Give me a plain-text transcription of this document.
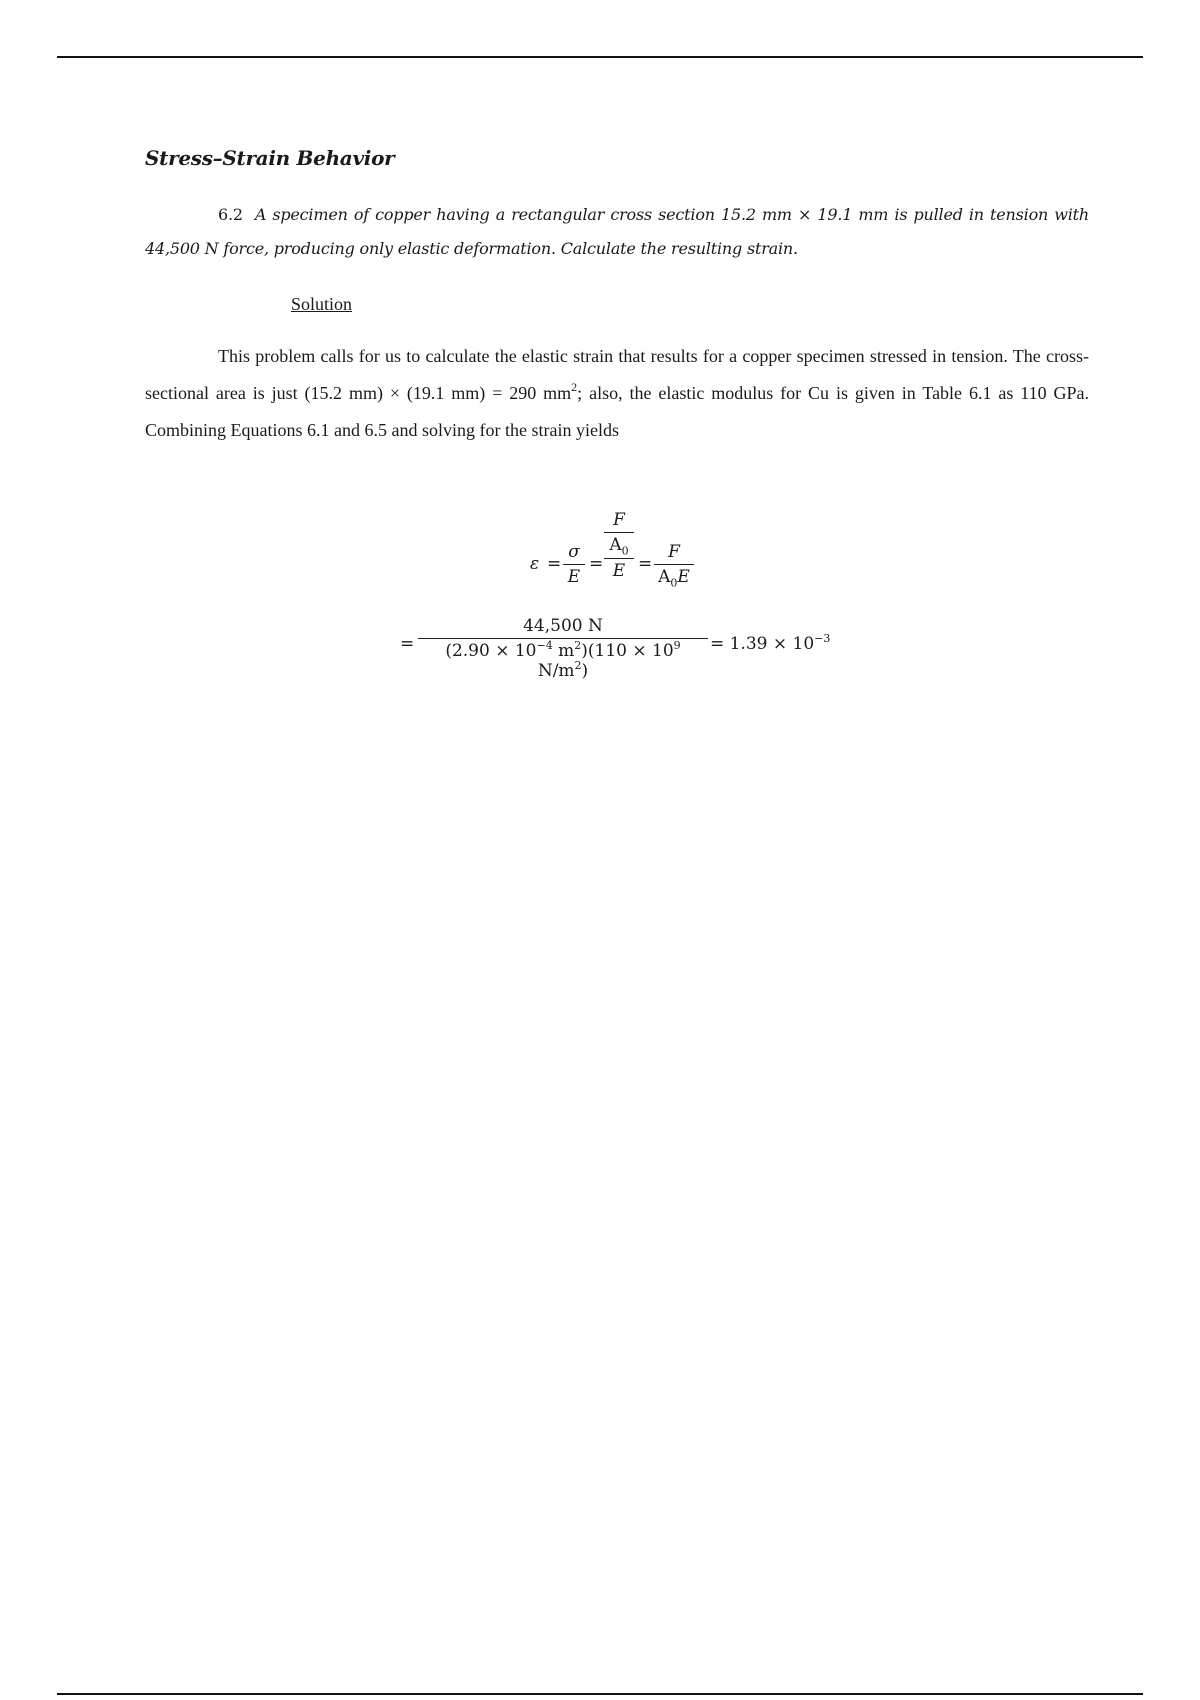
Stress–Strain Behavior

6.2 A specimen of copper having a rectangular cross section 15.2 mm × 19.1 mm is pulled in tension with 44,500 N force, producing only elastic deformation. Calculate the resulting strain.

Solution

This problem calls for us to calculate the elastic strain that results for a copper specimen stressed in tension. The cross-sectional area is just (15.2 mm) × (19.1 mm) = 290 $mm^2$; also, the elastic modulus for Cu is given in Table 6.1 as 110 GPa. Combining Equations 6.1 and 6.5 and solving for the strain yields

ε =
σ
E
=
F
$A_0$
E =
F
$A_0E$
=
44,500 N
($2.90 \times 10^{-4}$ $m^2)(110 \times 10^9$ $N/m^2$)
= $1.39 \times 10^{-3}$
